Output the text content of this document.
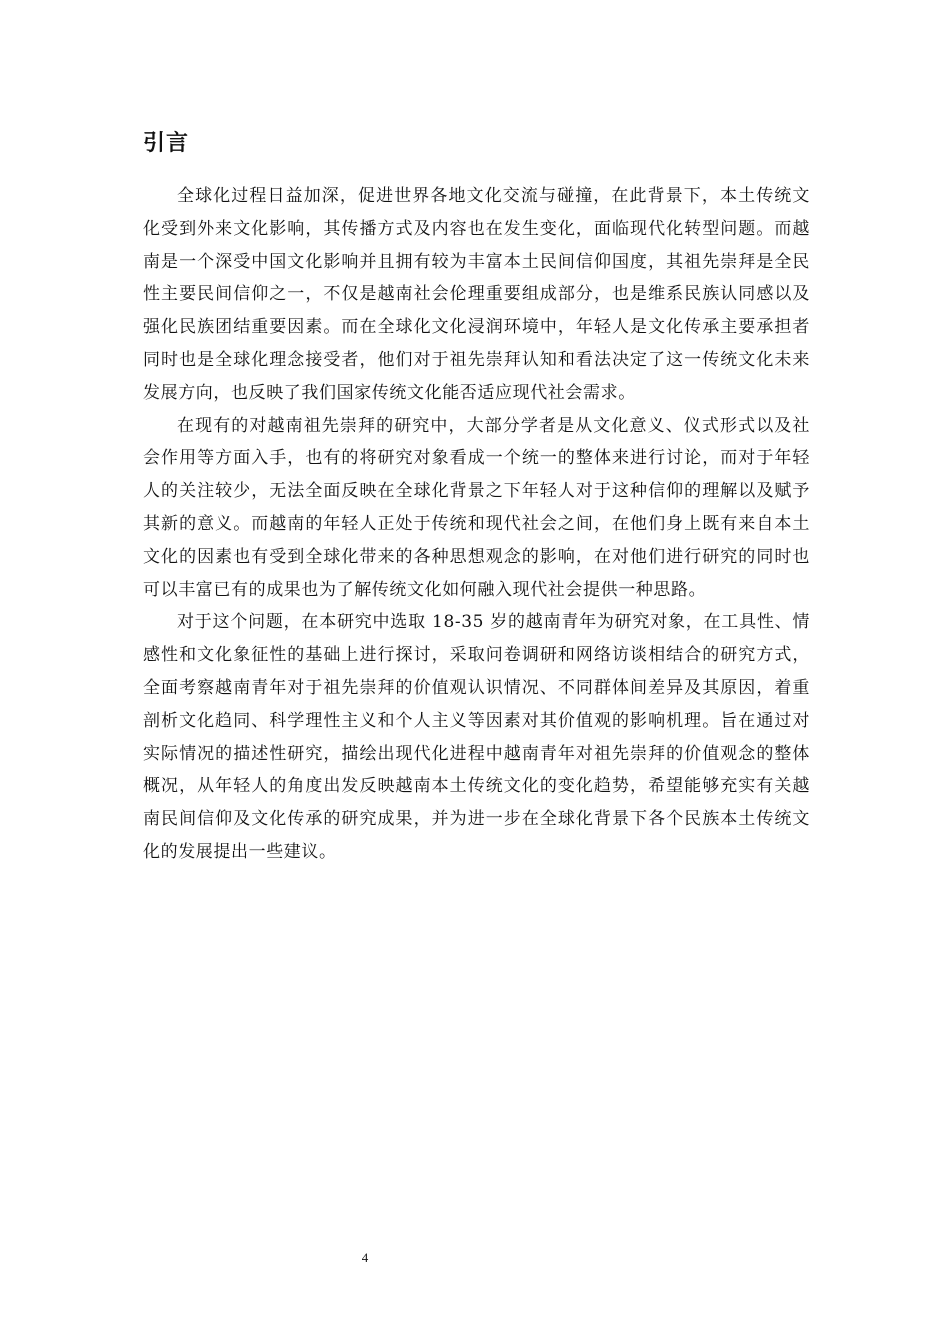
引言

全球化过程日益加深，促进世界各地文化交流与碰撞，在此背景下，本土传统文化受到外来文化影响，其传播方式及内容也在发生变化，面临现代化转型问题。而越南是一个深受中国文化影响并且拥有较为丰富本土民间信仰国度，其祖先崇拜是全民性主要民间信仰之一，不仅是越南社会伦理重要组成部分，也是维系民族认同感以及强化民族团结重要因素。而在全球化文化浸润环境中，年轻人是文化传承主要承担者同时也是全球化理念接受者，他们对于祖先崇拜认知和看法决定了这一传统文化未来发展方向，也反映了我们国家传统文化能否适应现代社会需求。

在现有的对越南祖先崇拜的研究中，大部分学者是从文化意义、仪式形式以及社会作用等方面入手，也有的将研究对象看成一个统一的整体来进行讨论，而对于年轻人的关注较少，无法全面反映在全球化背景之下年轻人对于这种信仰的理解以及赋予其新的意义。而越南的年轻人正处于传统和现代社会之间，在他们身上既有来自本土文化的因素也有受到全球化带来的各种思想观念的影响，在对他们进行研究的同时也可以丰富已有的成果也为了解传统文化如何融入现代社会提供一种思路。

对于这个问题，在本研究中选取 18-35 岁的越南青年为研究对象，在工具性、情感性和文化象征性的基础上进行探讨，采取问卷调研和网络访谈相结合的研究方式，全面考察越南青年对于祖先崇拜的价值观认识情况、不同群体间差异及其原因，着重剖析文化趋同、科学理性主义和个人主义等因素对其价值观的影响机理。旨在通过对实际情况的描述性研究，描绘出现代化进程中越南青年对祖先崇拜的价值观念的整体概况，从年轻人的角度出发反映越南本土传统文化的变化趋势，希望能够充实有关越南民间信仰及文化传承的研究成果，并为进一步在全球化背景下各个民族本土传统文化的发展提出一些建议。

4
